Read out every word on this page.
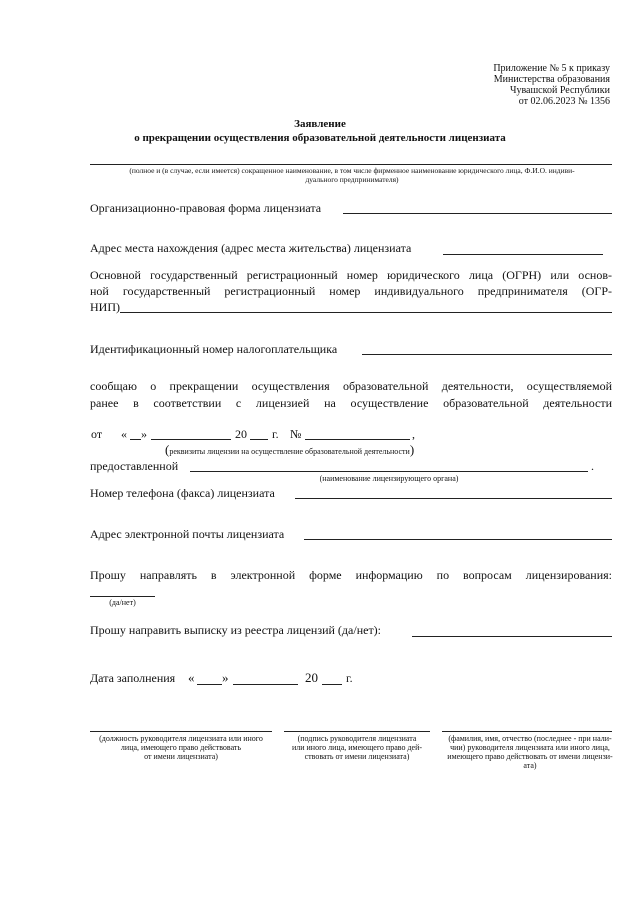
Приложение № 5 к приказу
Министерства образования
Чувашской Республики
от 02.06.2023 № 1356
Заявление
о прекращении осуществления образовательной деятельности лицензиата
(полное и (в случае, если имеется) сокращенное наименование, в том числе фирменное наименование юридического лица, Ф.И.О. индиви-
дуального предпринимателя)
Организационно-правовая форма лицензиата
Адрес места нахождения (адрес места жительства) лицензиата
Основной государственный регистрационный номер юридического лица (ОГРН) или основ-
ной государственный регистрационный номер индивидуального предпринимателя (ОГР-
НИП)
Идентификационный номер налогоплательщика
сообщаю о прекращении осуществления образовательной деятельности, осуществляемой
ранее в соответствии с лицензией на осуществление образовательной деятельности
от « »	20 г. №	,
(реквизиты лицензии на осуществление образовательной деятельности)
предоставленной	.
(наименование лицензирующего органа)
Номер телефона (факса) лицензиата
Адрес электронной почты лицензиата
Прошу направлять в электронной форме информацию по вопросам лицензирования:
(да/нет)
Прошу направить выписку из реестра лицензий (да/нет):
Дата заполнения « »	20 г.
(должность руководителя лицензиата или иного
лица, имеющего право действовать
от имени лицензиата)
(подпись руководителя лицензиата
или иного лица, имеющего право дей-
ствовать от имени лицензиата)
(фамилия, имя, отчество (последнее - при нали-
чии) руководителя лицензиата или иного лица,
имеющего право действовать от имени лицензи-
ата)
